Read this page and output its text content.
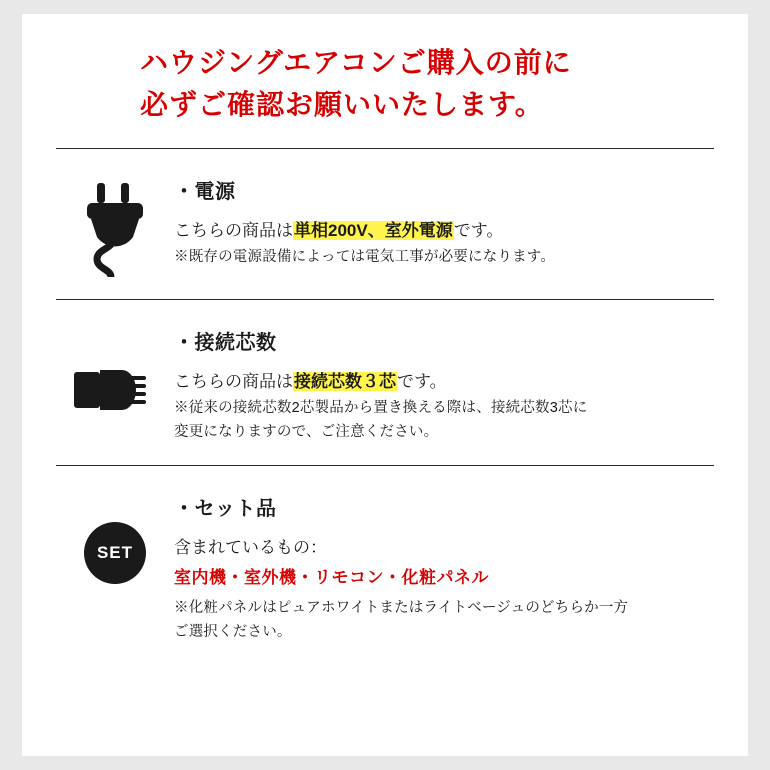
ハウジングエアコンご購入の前に
必ずご確認お願いいたします。
・電源
こちらの商品は単相200V、室外電源です。
※既存の電源設備によっては電気工事が必要になります。
・接続芯数
こちらの商品は接続芯数３芯です。
※従来の接続芯数2芯製品から置き換える際は、接続芯数3芯に
変更になりますので、ご注意ください。
SET
・セット品
含まれているもの：
室内機・室外機・リモコン・化粧パネル
※化粧パネルはピュアホワイトまたはライトベージュのどちらか一方
ご選択ください。
